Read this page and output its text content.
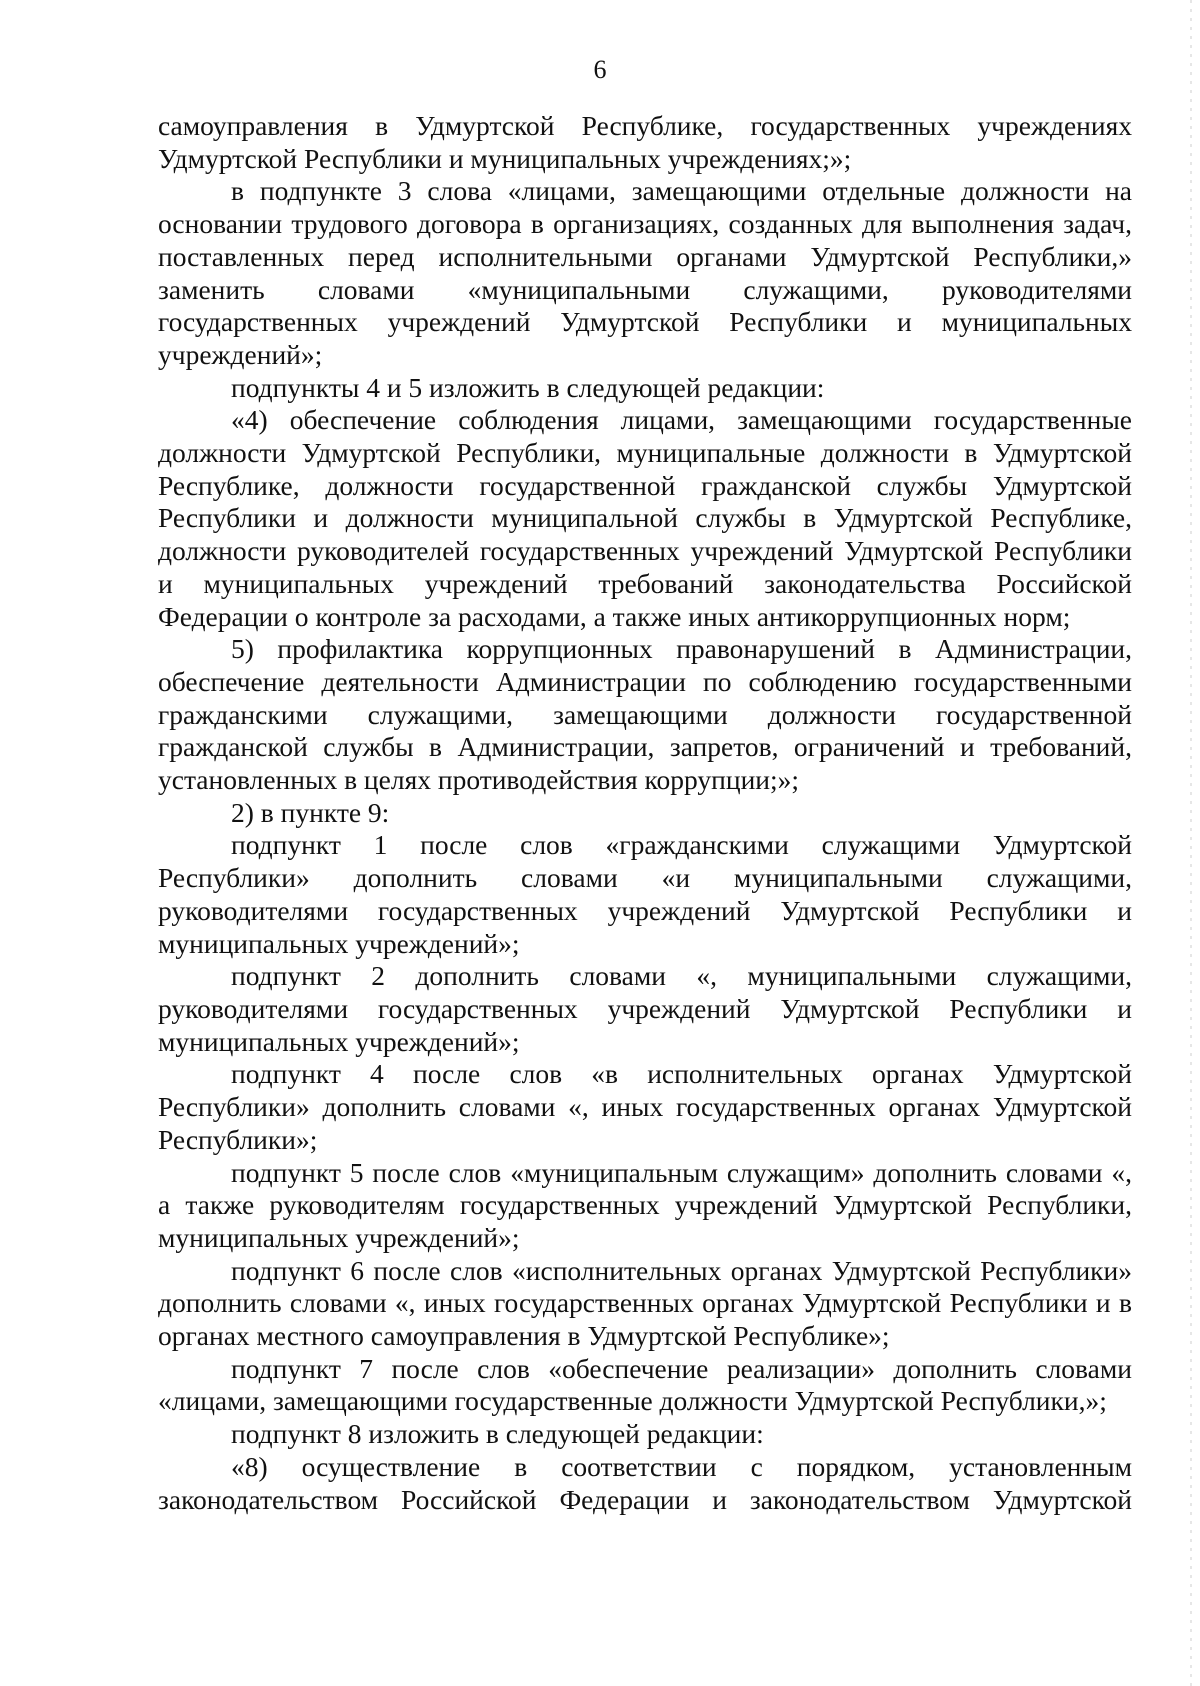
6

самоуправления в Удмуртской Республике, государственных учреждениях Удмуртской Республики и муниципальных учреждениях;»;

в подпункте 3 слова «лицами, замещающими отдельные должности на основании трудового договора в организациях, созданных для выполнения задач, поставленных перед исполнительными органами Удмуртской Республики,» заменить словами «муниципальными служащими, руководителями государственных учреждений Удмуртской Республики и муниципальных учреждений»;

подпункты 4 и 5 изложить в следующей редакции:

«4) обеспечение соблюдения лицами, замещающими государственные должности Удмуртской Республики, муниципальные должности в Удмуртской Республике, должности государственной гражданской службы Удмуртской Республики и должности муниципальной службы в Удмуртской Республике, должности руководителей государственных учреждений Удмуртской Республики и муниципальных учреждений требований законодательства Российской Федерации о контроле за расходами, а также иных антикоррупционных норм;

5) профилактика коррупционных правонарушений в Администрации, обеспечение деятельности Администрации по соблюдению государственными гражданскими служащими, замещающими должности государственной гражданской службы в Администрации, запретов, ограничений и требований, установленных в целях противодействия коррупции;»;

2) в пункте 9:

подпункт 1 после слов «гражданскими служащими Удмуртской Республики» дополнить словами «и муниципальными служащими, руководителями государственных учреждений Удмуртской Республики и муниципальных учреждений»;

подпункт 2 дополнить словами «, муниципальными служащими, руководителями государственных учреждений Удмуртской Республики и муниципальных учреждений»;

подпункт 4 после слов «в исполнительных органах Удмуртской Республики» дополнить словами «, иных государственных органах Удмуртской Республики»;

подпункт 5 после слов «муниципальным служащим» дополнить словами «, а также руководителям государственных учреждений Удмуртской Республики, муниципальных учреждений»;

подпункт 6 после слов «исполнительных органах Удмуртской Республики» дополнить словами «, иных государственных органах Удмуртской Республики и в органах местного самоуправления в Удмуртской Республике»;

подпункт 7 после слов «обеспечение реализации» дополнить словами «лицами, замещающими государственные должности Удмуртской Республики,»;

подпункт 8 изложить в следующей редакции:

«8) осуществление в соответствии с порядком, установленным законодательством Российской Федерации и законодательством Удмуртской
